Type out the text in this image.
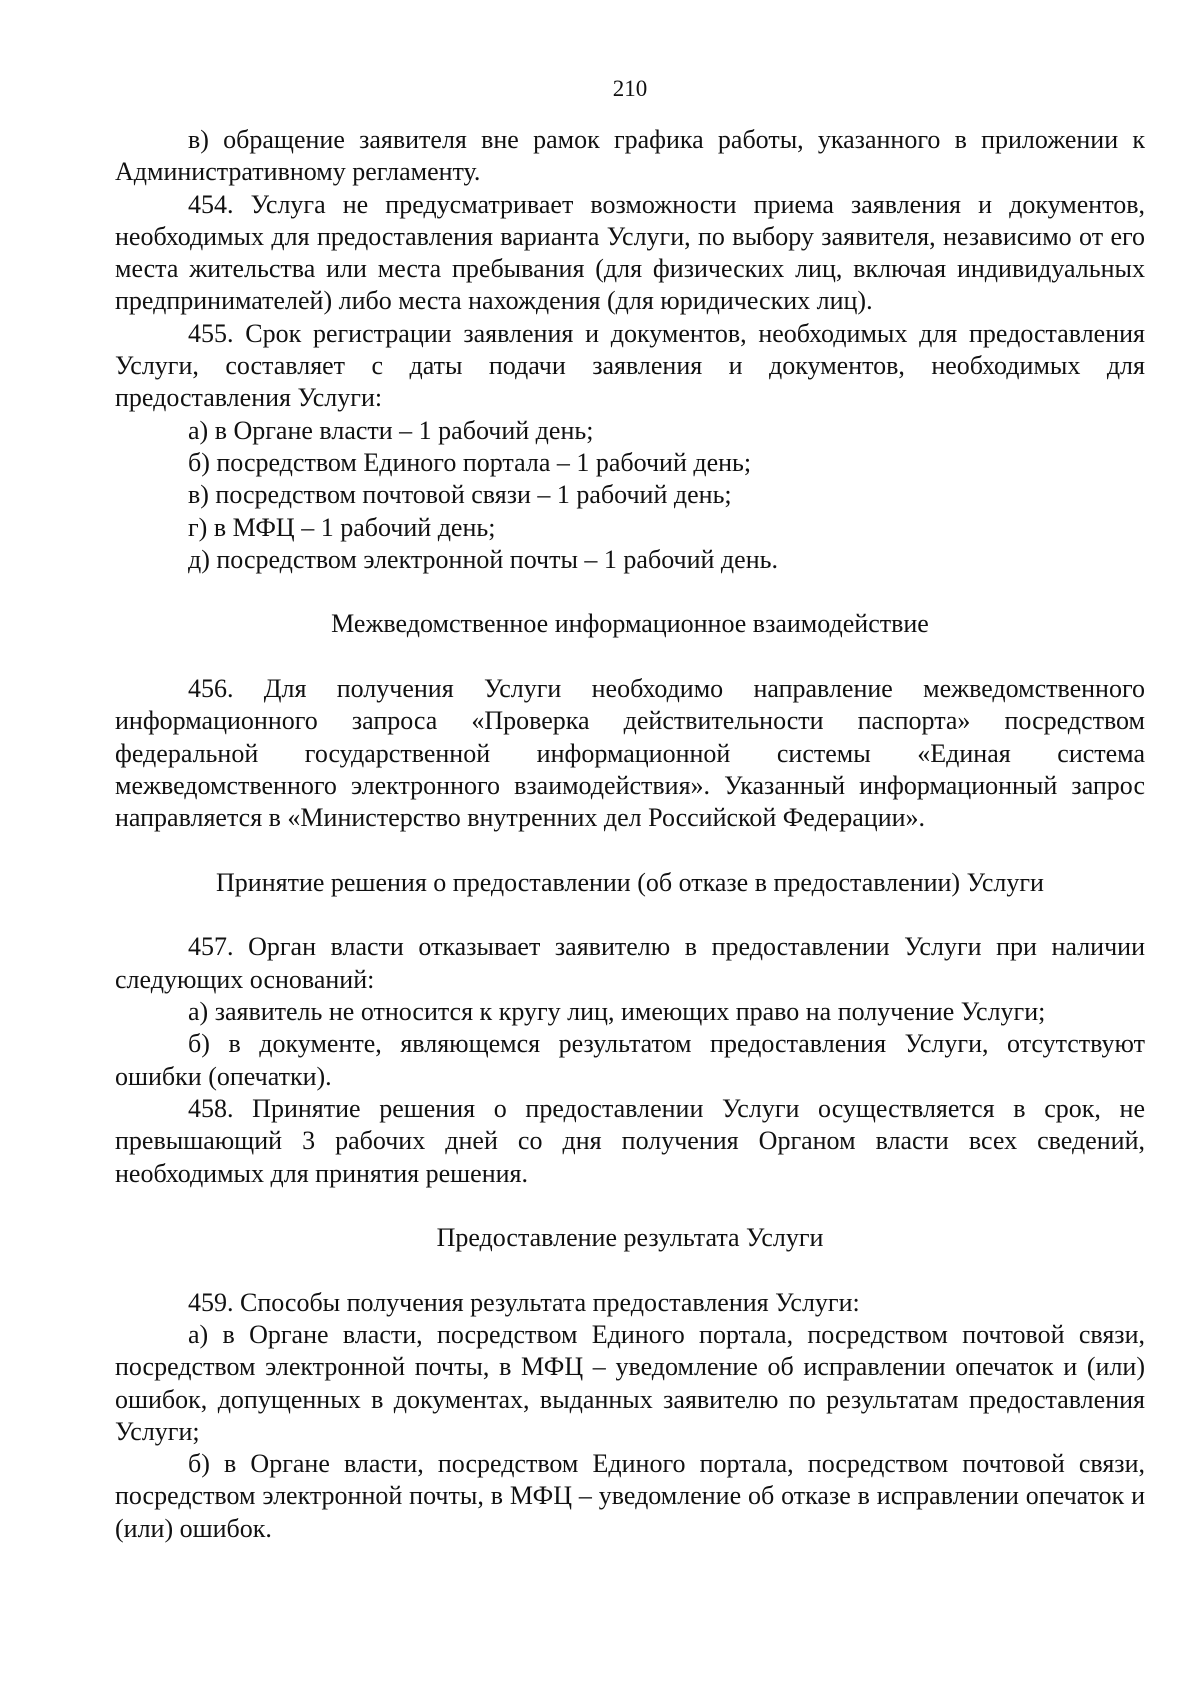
210

в) обращение заявителя вне рамок графика работы, указанного в приложении к Административному регламенту.

454. Услуга не предусматривает возможности приема заявления и документов, необходимых для предоставления варианта Услуги, по выбору заявителя, независимо от его места жительства или места пребывания (для физических лиц, включая индивидуальных предпринимателей) либо места нахождения (для юридических лиц).

455. Срок регистрации заявления и документов, необходимых для предоставления Услуги, составляет с даты подачи заявления и документов, необходимых для предоставления Услуги:

а) в Органе власти – 1 рабочий день;

б) посредством Единого портала – 1 рабочий день;

в) посредством почтовой связи – 1 рабочий день;

г) в МФЦ – 1 рабочий день;

д) посредством электронной почты – 1 рабочий день.

Межведомственное информационное взаимодействие

456. Для получения Услуги необходимо направление межведомственного информационного запроса «Проверка действительности паспорта» посредством федеральной государственной информационной системы «Единая система межведомственного электронного взаимодействия». Указанный информационный запрос направляется в «Министерство внутренних дел Российской Федерации».

Принятие решения о предоставлении (об отказе в предоставлении) Услуги

457. Орган власти отказывает заявителю в предоставлении Услуги при наличии следующих оснований:

а) заявитель не относится к кругу лиц, имеющих право на получение Услуги;

б) в документе, являющемся результатом предоставления Услуги, отсутствуют ошибки (опечатки).

458. Принятие решения о предоставлении Услуги осуществляется в срок, не превышающий 3 рабочих дней со дня получения Органом власти всех сведений, необходимых для принятия решения.

Предоставление результата Услуги

459. Способы получения результата предоставления Услуги:

а) в Органе власти, посредством Единого портала, посредством почтовой связи, посредством электронной почты, в МФЦ – уведомление об исправлении опечаток и (или) ошибок, допущенных в документах, выданных заявителю по результатам предоставления Услуги;

б) в Органе власти, посредством Единого портала, посредством почтовой связи, посредством электронной почты, в МФЦ – уведомление об отказе в исправлении опечаток и (или) ошибок.
